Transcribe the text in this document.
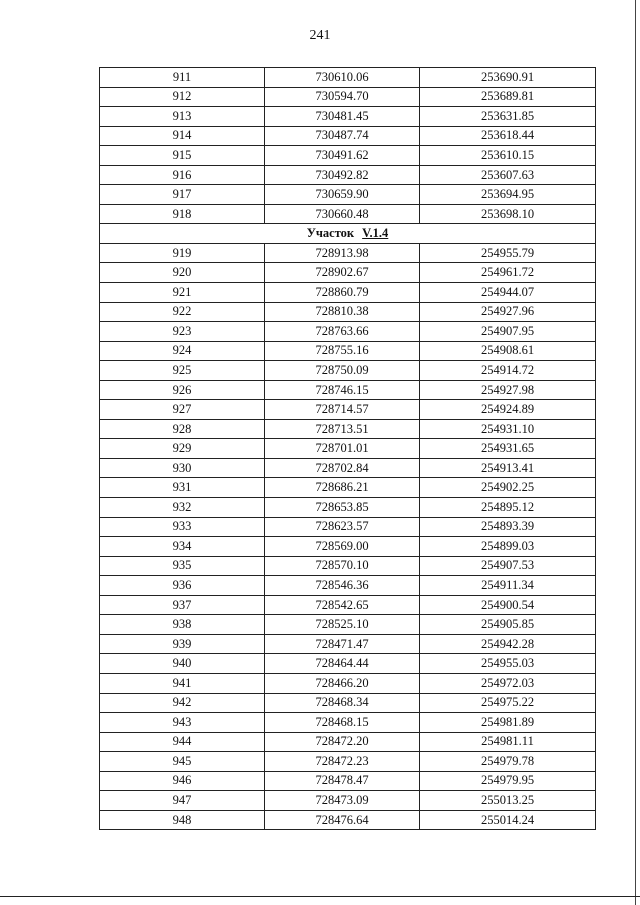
241
911	730610.06	253690.91
912	730594.70	253689.81
913	730481.45	253631.85
914	730487.74	253618.44
915	730491.62	253610.15
916	730492.82	253607.63
917	730659.90	253694.95
918	730660.48	253698.10
Участок V.1.4		
919	728913.98	254955.79
920	728902.67	254961.72
921	728860.79	254944.07
922	728810.38	254927.96
923	728763.66	254907.95
924	728755.16	254908.61
925	728750.09	254914.72
926	728746.15	254927.98
927	728714.57	254924.89
928	728713.51	254931.10
929	728701.01	254931.65
930	728702.84	254913.41
931	728686.21	254902.25
932	728653.85	254895.12
933	728623.57	254893.39
934	728569.00	254899.03
935	728570.10	254907.53
936	728546.36	254911.34
937	728542.65	254900.54
938	728525.10	254905.85
939	728471.47	254942.28
940	728464.44	254955.03
941	728466.20	254972.03
942	728468.34	254975.22
943	728468.15	254981.89
944	728472.20	254981.11
945	728472.23	254979.78
946	728478.47	254979.95
947	728473.09	255013.25
948	728476.64	255014.24
